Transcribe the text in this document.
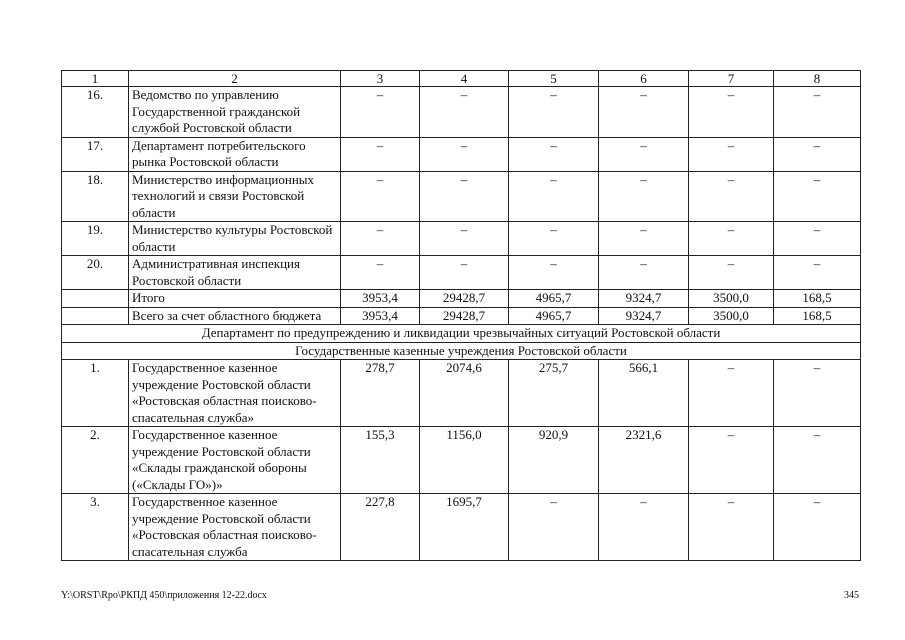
1	2	3	4	5	6	7	8
16.	Ведомство по управлению Государственной гражданской службой Ростовской области	–	–	–	–	–	–
17.	Департамент потребительского рынка Ростовской области	–	–	–	–	–	–
18.	Министерство информационных технологий и связи Ростовской области	–	–	–	–	–	–
19.	Министерство культуры Ростовской области	–	–	–	–	–	–
20.	Административная инспекция Ростовской области	–	–	–	–	–	–
	Итого	3953,4	29428,7	4965,7	9324,7	3500,0	168,5
	Всего за счет областного бюджета	3953,4	29428,7	4965,7	9324,7	3500,0	168,5
Департамент по предупреждению и ликвидации чрезвычайных ситуаций Ростовской области							
Государственные казенные учреждения Ростовской области							
1.	Государственное казенное учреждение Ростовской области «Ростовская областная поисково-спасательная служба»	278,7	2074,6	275,7	566,1	–	–
2.	Государственное казенное учреждение Ростовской области «Склады гражданской обороны («Склады ГО»)»	155,3	1156,0	920,9	2321,6	–	–
3.	Государственное казенное учреждение Ростовской области «Ростовская областная поисково-спасательная служба	227,8	1695,7	–	–	–	–
Y:\ORST\Rpo\РКПД 450\приложения 12-22.docx	345
